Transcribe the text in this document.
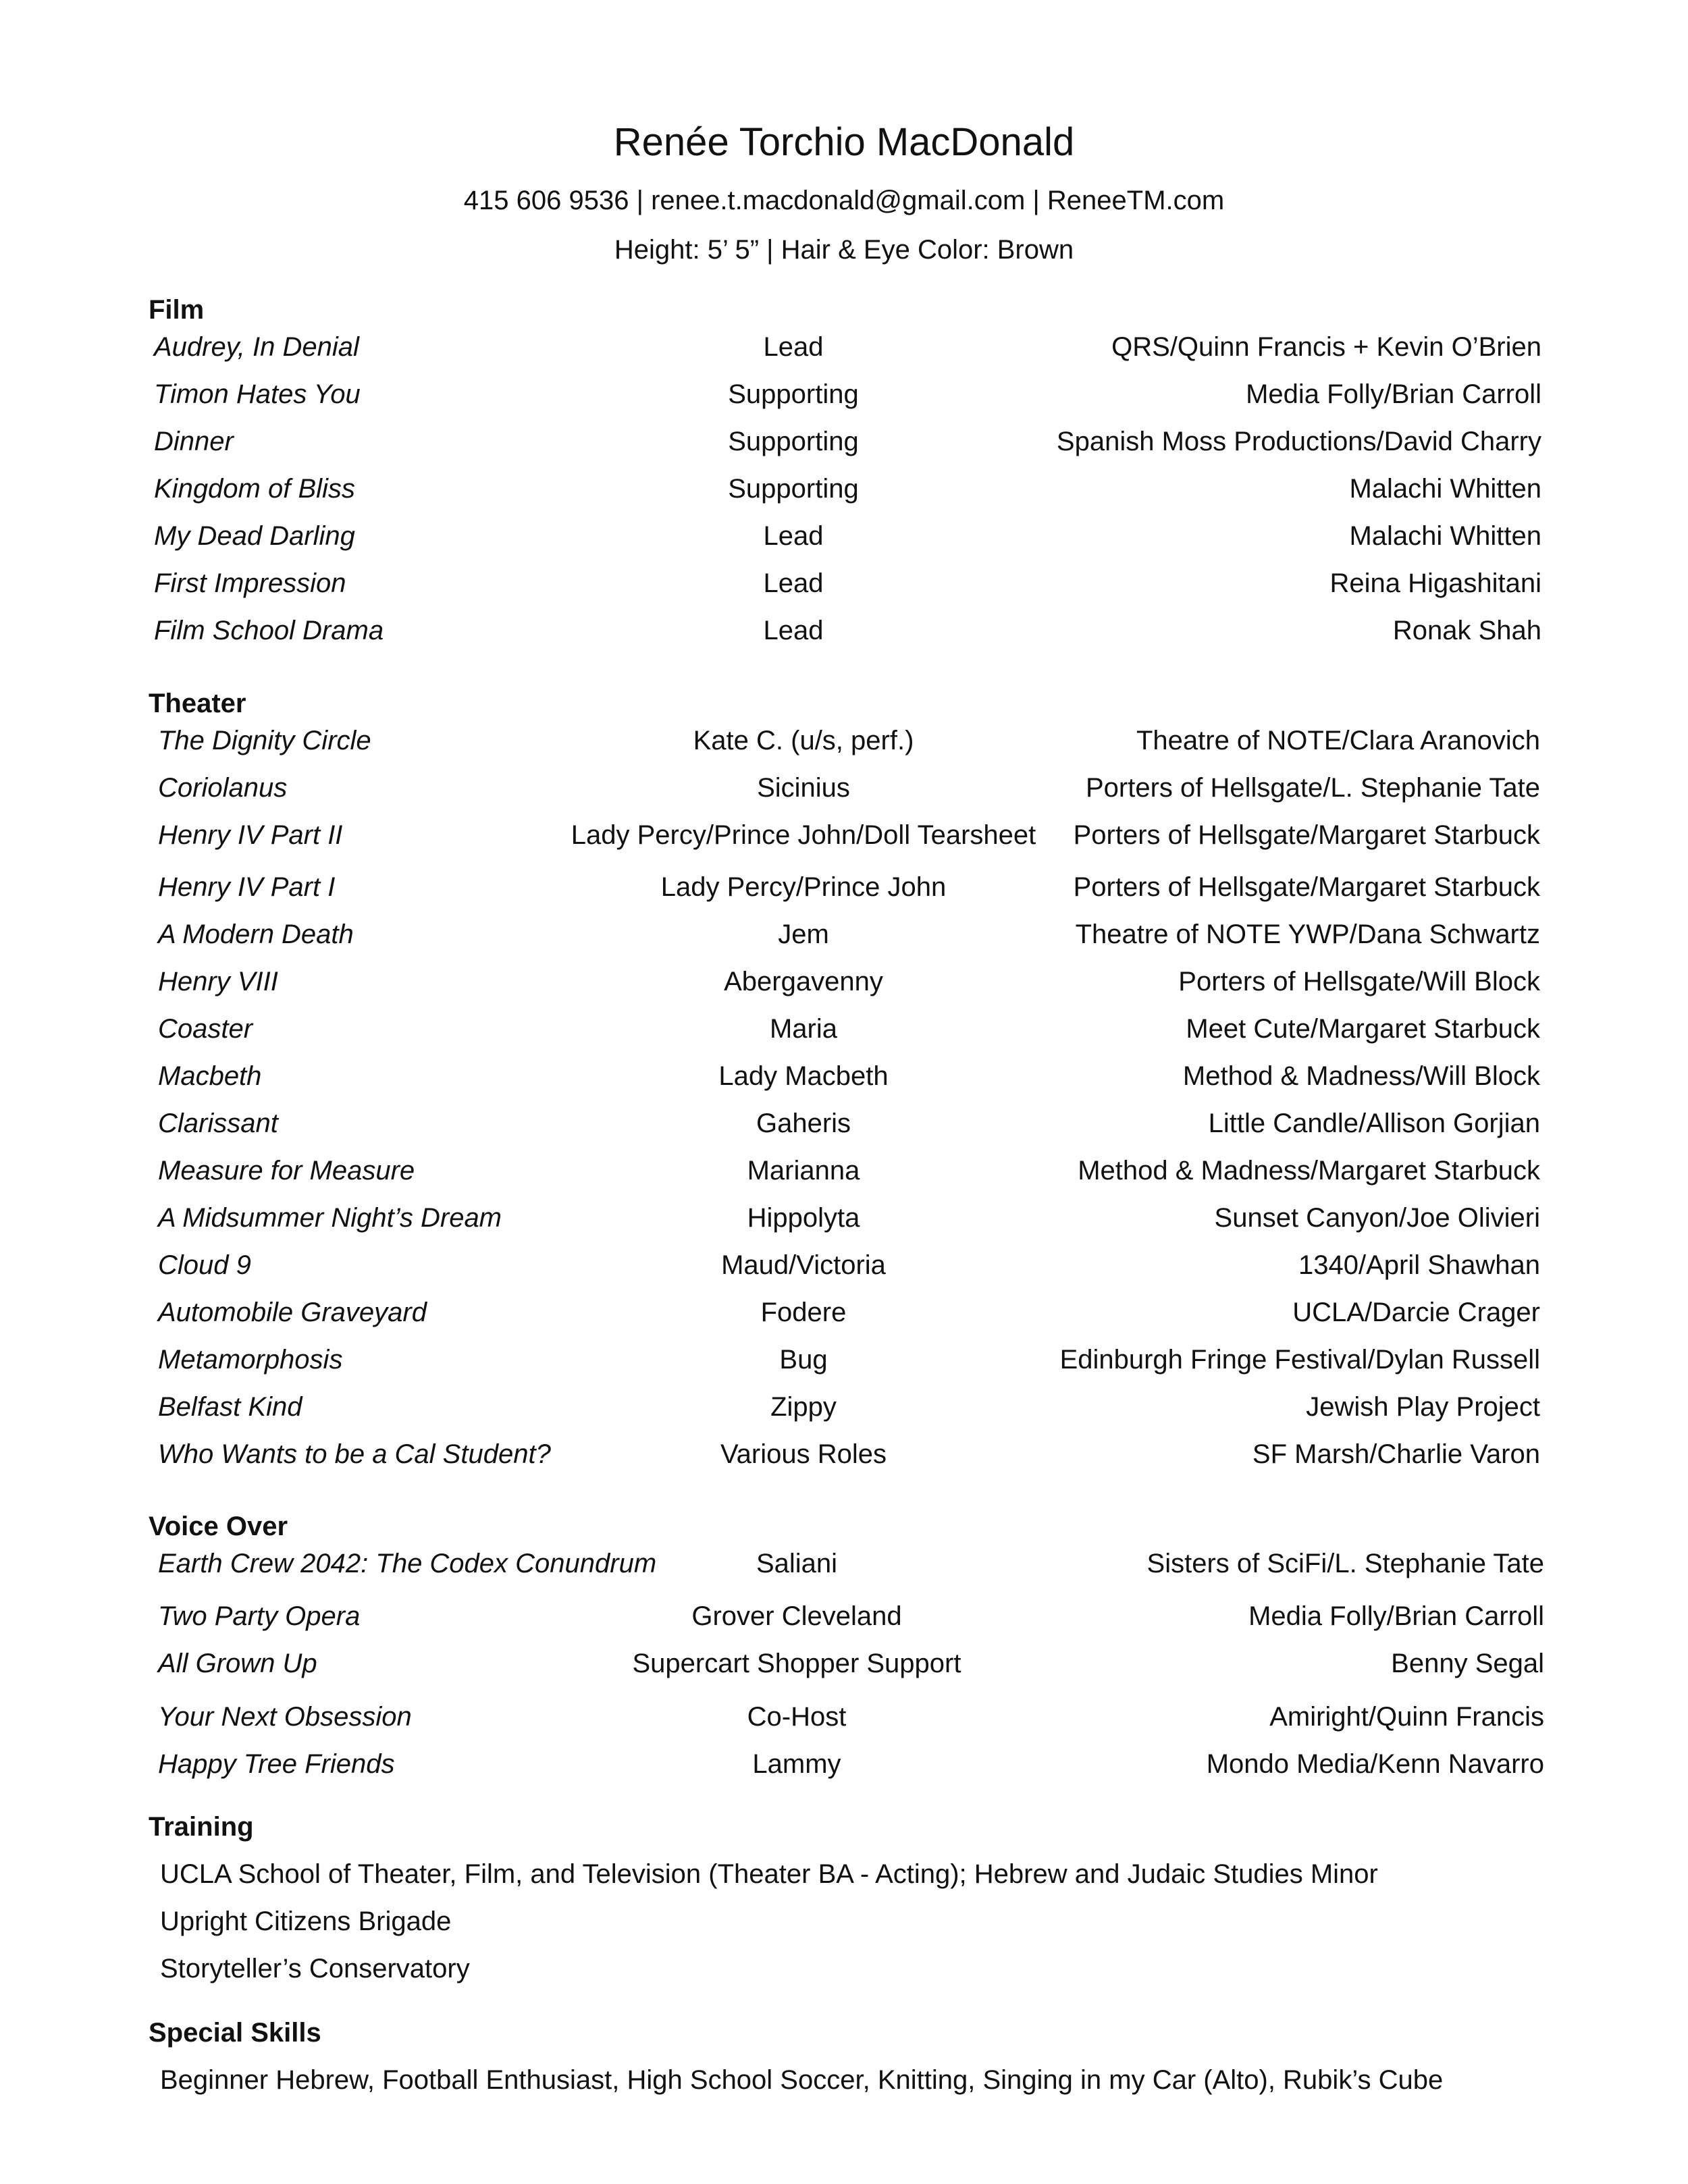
Renée Torchio MacDonald
415 606 9536 | renee.t.macdonald@gmail.com | ReneeTM.com
Height: 5’ 5” | Hair & Eye Color: Brown
Film
Audrey, In Denial	Lead	QRS/Quinn Francis + Kevin O’Brien
Timon Hates You	Supporting	Media Folly/Brian Carroll
Dinner	Supporting	Spanish Moss Productions/David Charry
Kingdom of Bliss	Supporting	Malachi Whitten
My Dead Darling	Lead	Malachi Whitten
First Impression	Lead	Reina Higashitani
Film School Drama	Lead	Ronak Shah
Theater
The Dignity Circle	Kate C. (u/s, perf.)	Theatre of NOTE/Clara Aranovich
Coriolanus	Sicinius	Porters of Hellsgate/L. Stephanie Tate
Henry IV Part II	Lady Percy/Prince John/Doll Tearsheet	Porters of Hellsgate/Margaret Starbuck
Henry IV Part I	Lady Percy/Prince John	Porters of Hellsgate/Margaret Starbuck
A Modern Death	Jem	Theatre of NOTE YWP/Dana Schwartz
Henry VIII	Abergavenny	Porters of Hellsgate/Will Block
Coaster	Maria	Meet Cute/Margaret Starbuck
Macbeth	Lady Macbeth	Method & Madness/Will Block
Clarissant	Gaheris	Little Candle/Allison Gorjian
Measure for Measure	Marianna	Method & Madness/Margaret Starbuck
A Midsummer Night’s Dream	Hippolyta	Sunset Canyon/Joe Olivieri
Cloud 9	Maud/Victoria	1340/April Shawhan
Automobile Graveyard	Fodere	UCLA/Darcie Crager
Metamorphosis	Bug	Edinburgh Fringe Festival/Dylan Russell
Belfast Kind	Zippy	Jewish Play Project
Who Wants to be a Cal Student?	Various Roles	SF Marsh/Charlie Varon
Voice Over
Earth Crew 2042: The Codex Conundrum	Saliani	Sisters of SciFi/L. Stephanie Tate
Two Party Opera	Grover Cleveland	Media Folly/Brian Carroll
All Grown Up	Supercart Shopper Support	Benny Segal
Your Next Obsession	Co-Host	Amiright/Quinn Francis
Happy Tree Friends	Lammy	Mondo Media/Kenn Navarro
Training
UCLA School of Theater, Film, and Television (Theater BA - Acting); Hebrew and Judaic Studies Minor
Upright Citizens Brigade
Storyteller’s Conservatory
Special Skills
Beginner Hebrew, Football Enthusiast, High School Soccer, Knitting, Singing in my Car (Alto), Rubik’s Cube
